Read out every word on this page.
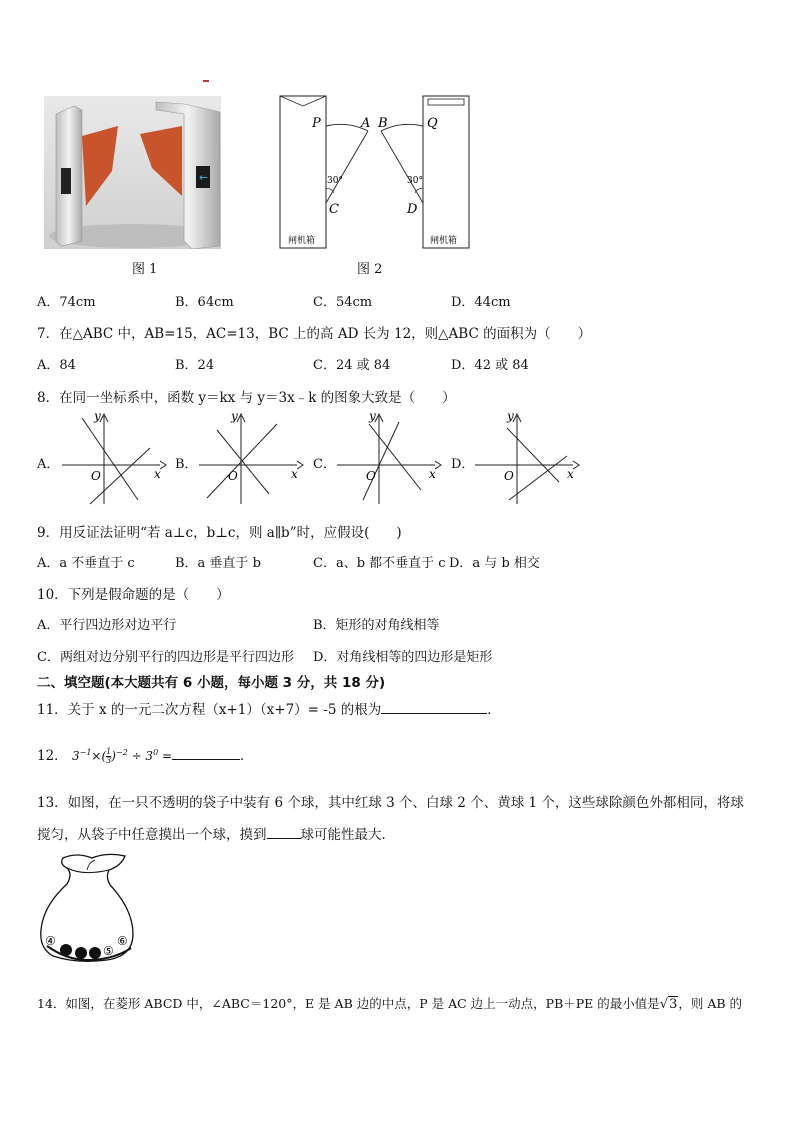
←
图 1
P	A B	Q
30°	30°
C	D
闸机箱	闸机箱
图 2
A．74cm	B．64cm	C．54cm	D．44cm
7．在△ABC 中，AB=15，AC=13，BC 上的高 AD 长为 12，则△ABC 的面积为（　　）
A．84	B．24	C．24 或 84	D．42 或 84
8．在同一坐标系中，函数 y＝kx 与 y＝3x﹣k 的图象大致是（　　）
A．
y
x
O
B．
y
x
O
C．
y
x
O
D．
y
x
O
9．用反证法证明“若 a⊥c，b⊥c，则 a∥b”时，应假设(　　)
A．a 不垂直于 c	B．a 垂直于 b	C．a、b 都不垂直于 c D．a 与 b 相交
10．下列是假命题的是（　　）
A．平行四边形对边平行	B．矩形的对角线相等
C．两组对边分别平行的四边形是平行四边形 D．对角线相等的四边形是矩形
二、填空题(本大题共有 6 小题，每小题 3 分，共 18 分)
11．关于 x 的一元二次方程（x+1）（x+7）= -5 的根为	．
12． $3^{-1}\times( \frac{1}{3} )^{-2} \div 3^0$ =	．
13．如图，在一只不透明的袋子中装有 6 个球，其中红球 3 个、白球 2 个、黄球 1 个，这些球除颜色外都相同，将球
搅匀，从袋子中任意摸出一个球，摸到	球可能性最大．
④
⑤
⑥
14．如图，在菱形 ABCD 中，∠ABC＝120°，E 是 AB 边的中点，P 是 AC 边上一动点，PB＋PE 的最小值是√3，则 AB 的
